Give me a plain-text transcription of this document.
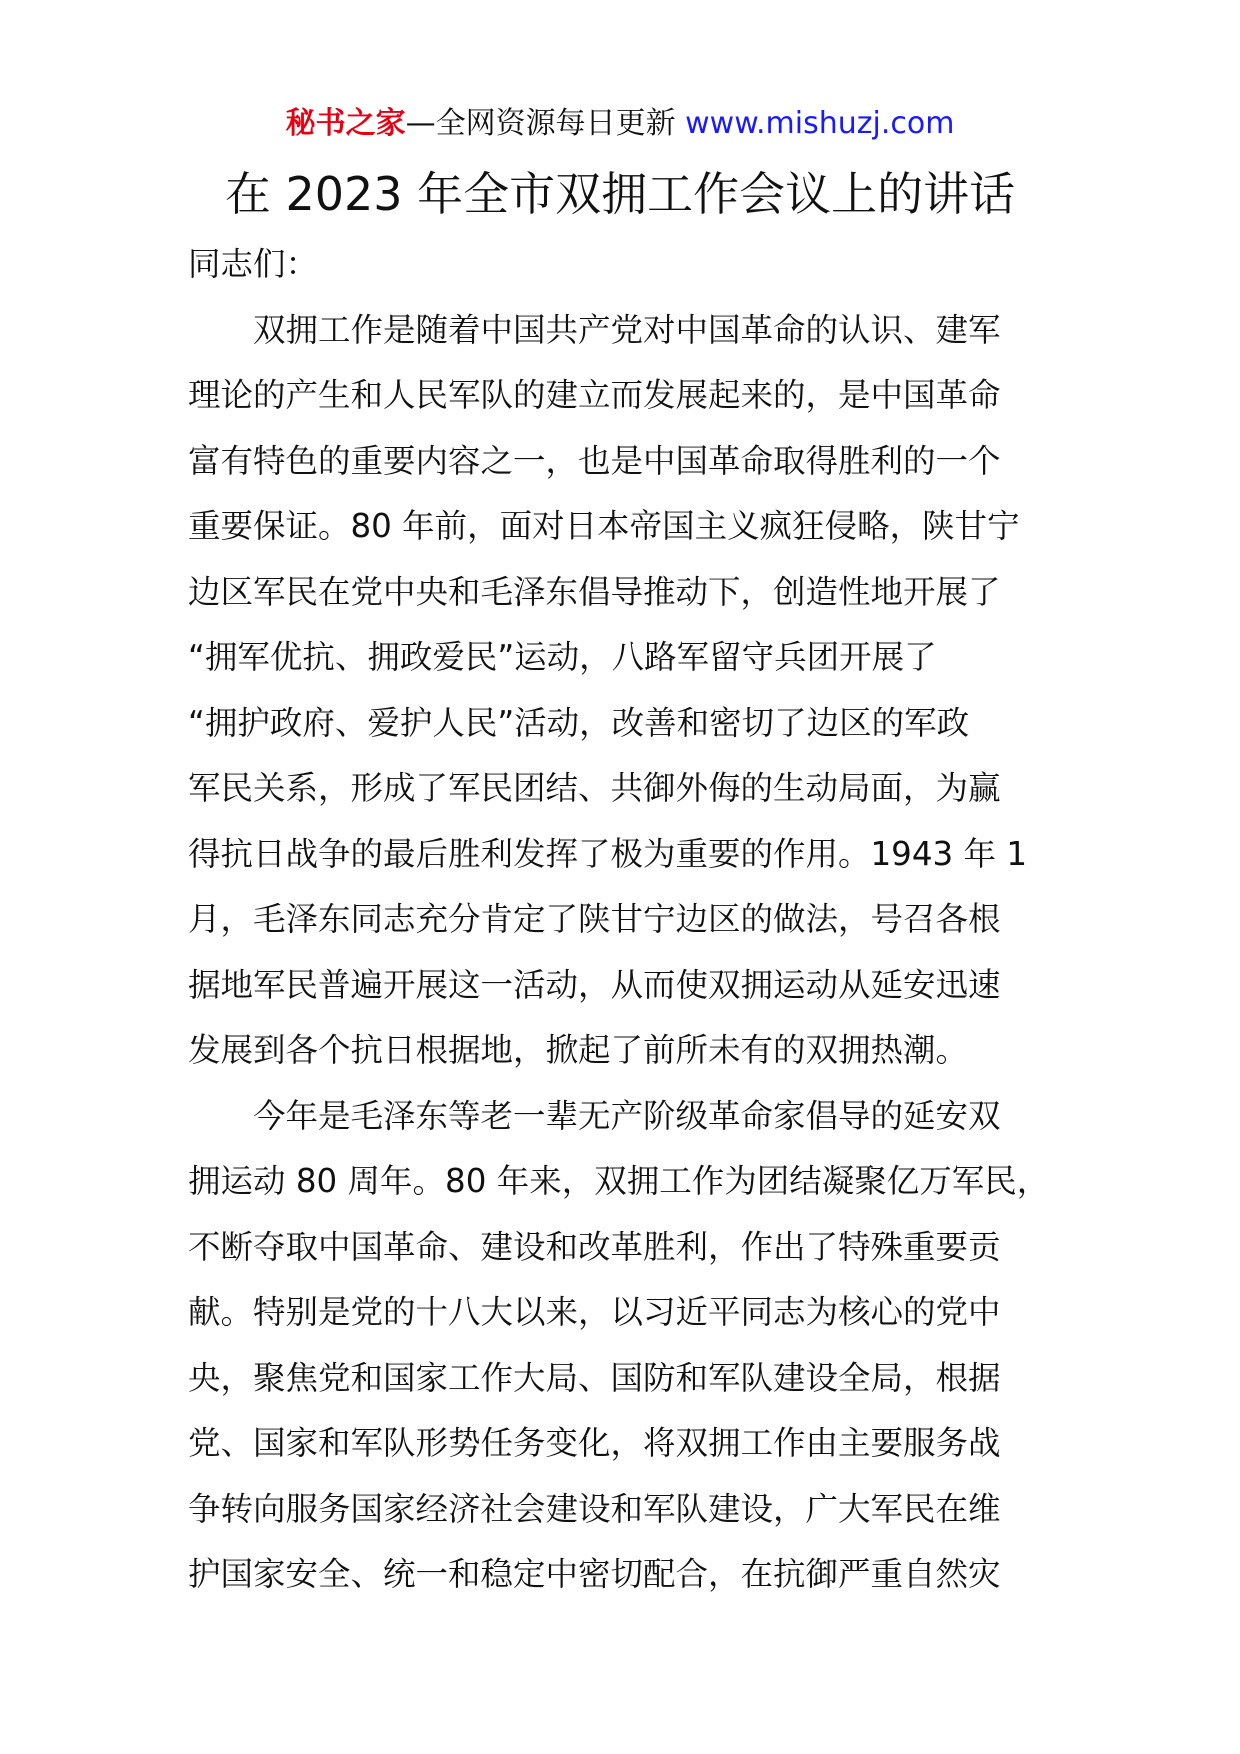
秘书之家—全网资源每日更新 www.mishuzj.com
在 2023 年全市双拥工作会议上的讲话
同志们：
双拥工作是随着中国共产党对中国革命的认识、建军
理论的产生和人民军队的建立而发展起来的，是中国革命
富有特色的重要内容之一，也是中国革命取得胜利的一个
重要保证。80 年前，面对日本帝国主义疯狂侵略，陕甘宁
边区军民在党中央和毛泽东倡导推动下，创造性地开展了
“拥军优抗、拥政爱民”运动，八路军留守兵团开展了
“拥护政府、爱护人民”活动，改善和密切了边区的军政
军民关系，形成了军民团结、共御外侮的生动局面，为赢
得抗日战争的最后胜利发挥了极为重要的作用。1943 年 1
月，毛泽东同志充分肯定了陕甘宁边区的做法，号召各根
据地军民普遍开展这一活动，从而使双拥运动从延安迅速
发展到各个抗日根据地，掀起了前所未有的双拥热潮。
今年是毛泽东等老一辈无产阶级革命家倡导的延安双
拥运动 80 周年。80 年来，双拥工作为团结凝聚亿万军民，
不断夺取中国革命、建设和改革胜利，作出了特殊重要贡
献。特别是党的十八大以来，以习近平同志为核心的党中
央，聚焦党和国家工作大局、国防和军队建设全局，根据
党、国家和军队形势任务变化，将双拥工作由主要服务战
争转向服务国家经济社会建设和军队建设，广大军民在维
护国家安全、统一和稳定中密切配合，在抗御严重自然灾
